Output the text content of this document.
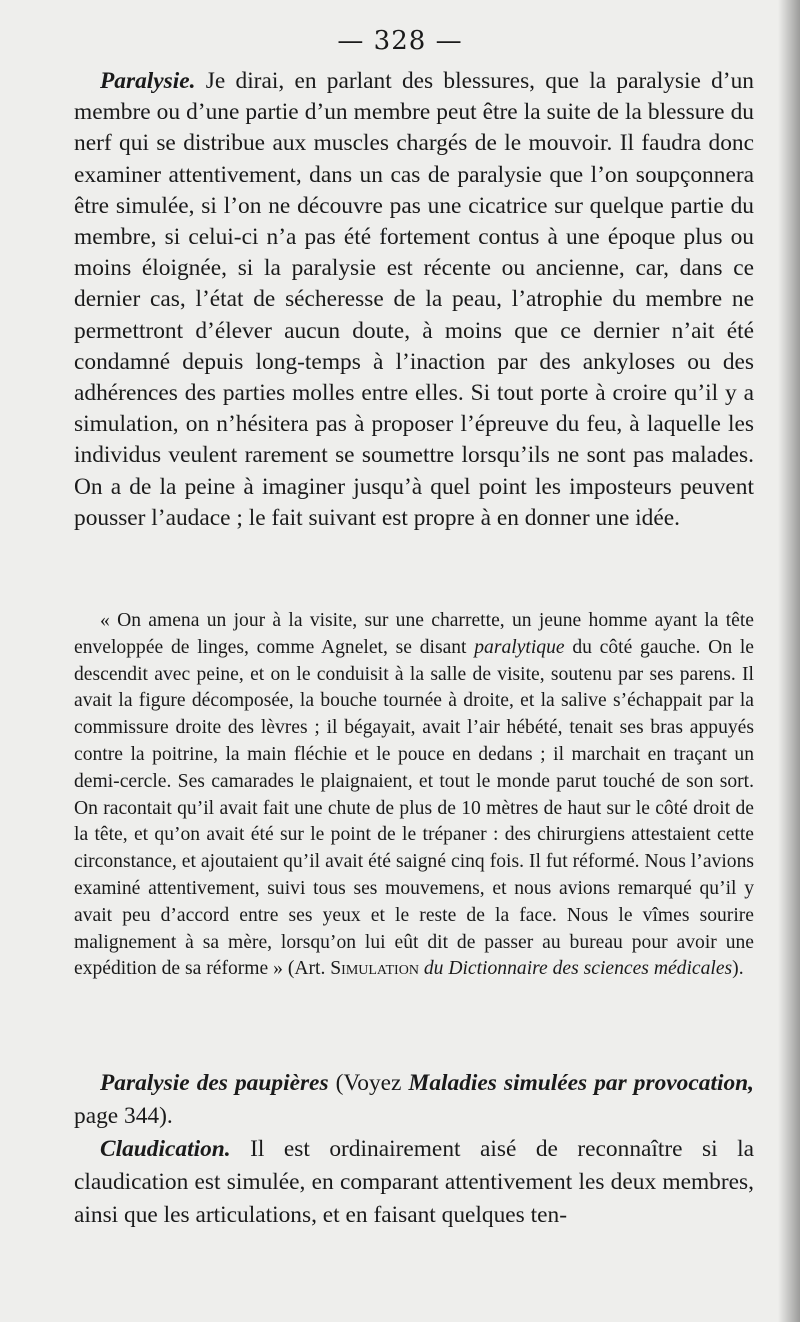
— 328 —

Paralysie. Je dirai, en parlant des blessures, que la paralysie d’un membre ou d’une partie d’un membre peut être la suite de la blessure du nerf qui se distribue aux muscles chargés de le mouvoir. Il faudra donc examiner attentivement, dans un cas de paralysie que l’on soupçonnera être simulée, si l’on ne découvre pas une cicatrice sur quelque partie du membre, si celui-ci n’a pas été fortement contus à une époque plus ou moins éloignée, si la paralysie est récente ou ancienne, car, dans ce dernier cas, l’état de sécheresse de la peau, l’atrophie du membre ne permettront d’élever aucun doute, à moins que ce dernier n’ait été condamné depuis long-temps à l’inaction par des ankyloses ou des adhérences des parties molles entre elles. Si tout porte à croire qu’il y a simulation, on n’hésitera pas à proposer l’épreuve du feu, à laquelle les individus veulent rarement se soumettre lorsqu’ils ne sont pas malades. On a de la peine à imaginer jusqu’à quel point les imposteurs peuvent pousser l’audace ; le fait suivant est propre à en donner une idée.

« On amena un jour à la visite, sur une charrette, un jeune homme ayant la tête enveloppée de linges, comme Agnelet, se disant paralytique du côté gauche. On le descendit avec peine, et on le conduisit à la salle de visite, soutenu par ses parens. Il avait la figure décomposée, la bouche tournée à droite, et la salive s’échappait par la commissure droite des lèvres ; il bégayait, avait l’air hébété, tenait ses bras appuyés contre la poitrine, la main fléchie et le pouce en dedans ; il marchait en traçant un demi-cercle. Ses camarades le plaignaient, et tout le monde parut touché de son sort. On racontait qu’il avait fait une chute de plus de 10 mètres de haut sur le côté droit de la tête, et qu’on avait été sur le point de le trépaner : des chirurgiens attestaient cette circonstance, et ajoutaient qu’il avait été saigné cinq fois. Il fut réformé. Nous l’avions examiné attentivement, suivi tous ses mouvemens, et nous avions remarqué qu’il y avait peu d’accord entre ses yeux et le reste de la face. Nous le vîmes sourire malignement à sa mère, lorsqu’on lui eût dit de passer au bureau pour avoir une expédition de sa réforme » (Art. Simulation du Dictionnaire des sciences médicales).

Paralysie des paupières (Voyez Maladies simulées par provocation, page 344).

Claudication. Il est ordinairement aisé de reconnaître si la claudication est simulée, en comparant attentivement les deux membres, ainsi que les articulations, et en faisant quelques ten-
